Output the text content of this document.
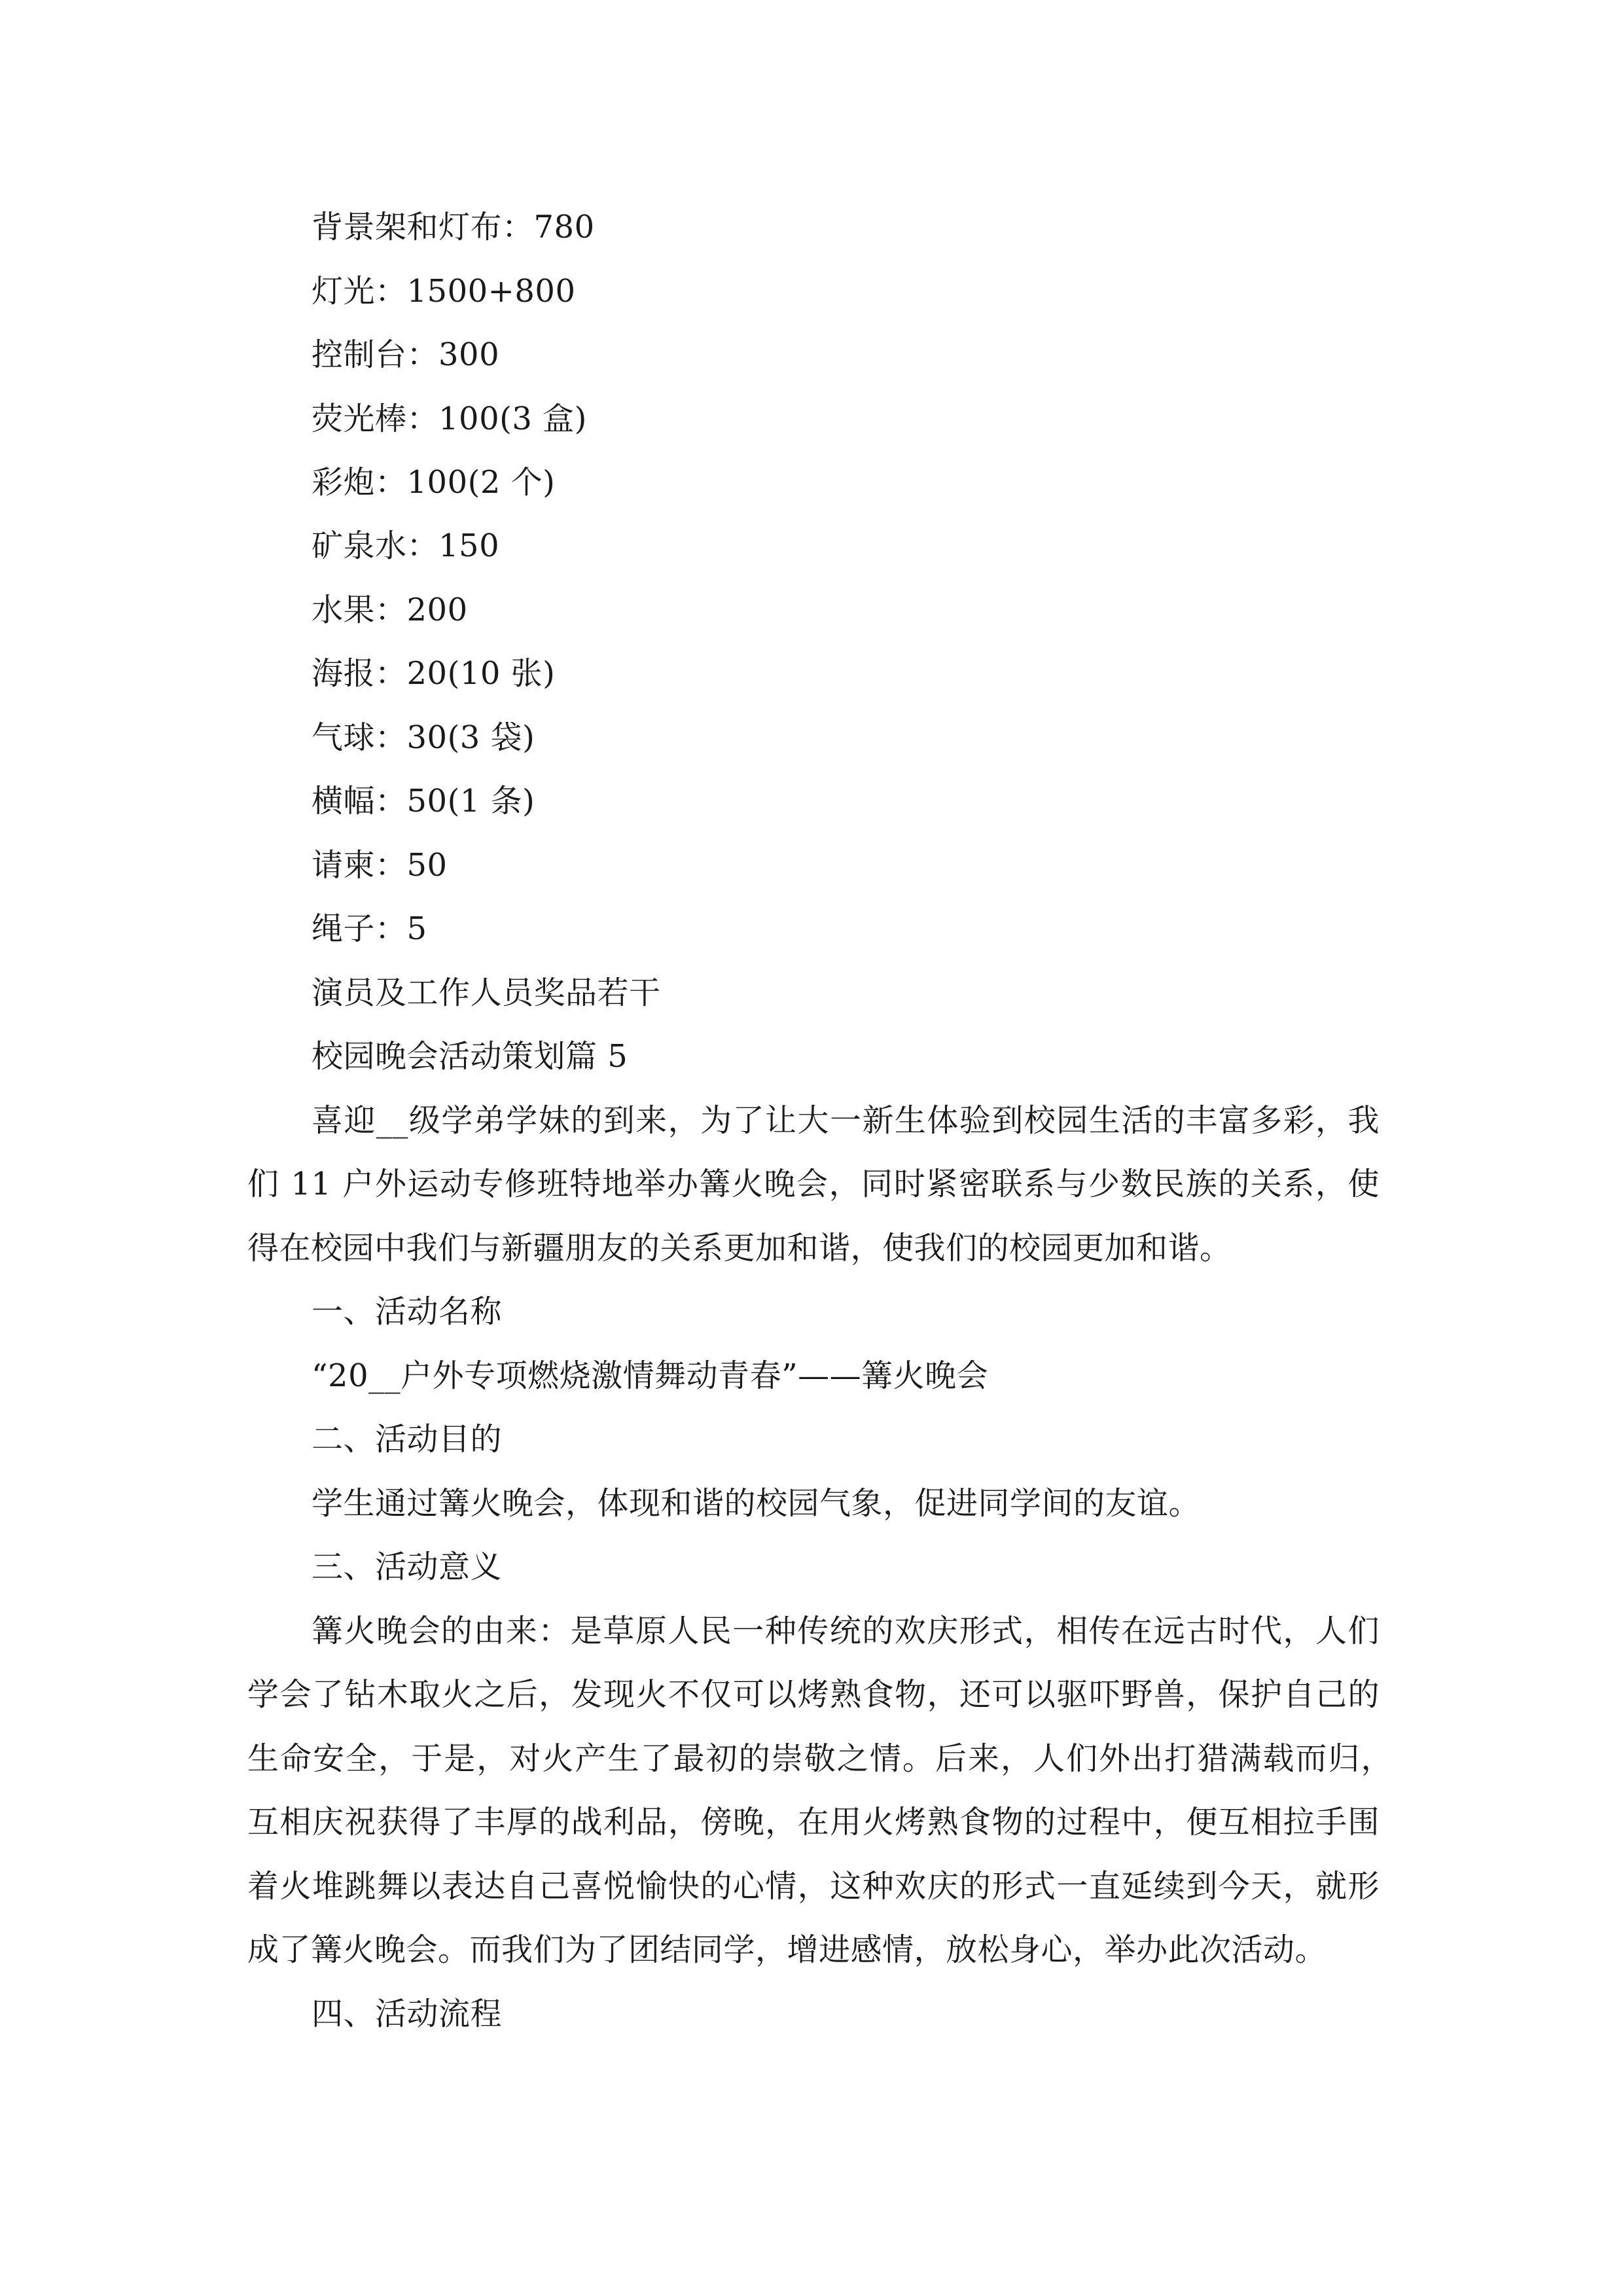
背景架和灯布：780
灯光：1500+800
控制台：300
荧光棒：100(3 盒)
彩炮：100(2 个)
矿泉水：150
水果：200
海报：20(10 张)
气球：30(3 袋)
横幅：50(1 条)
请柬：50
绳子：5
演员及工作人员奖品若干
校园晚会活动策划篇 5
喜迎__级学弟学妹的到来，为了让大一新生体验到校园生活的丰富多彩，我
们 11 户外运动专修班特地举办篝火晚会，同时紧密联系与少数民族的关系，使
得在校园中我们与新疆朋友的关系更加和谐，使我们的校园更加和谐。
一、活动名称
“20__户外专项燃烧激情舞动青春”——篝火晚会
二、活动目的
学生通过篝火晚会，体现和谐的校园气象，促进同学间的友谊。
三、活动意义
篝火晚会的由来：是草原人民一种传统的欢庆形式，相传在远古时代，人们
学会了钻木取火之后，发现火不仅可以烤熟食物，还可以驱吓野兽，保护自己的
生命安全，于是，对火产生了最初的崇敬之情。后来，人们外出打猎满载而归，
互相庆祝获得了丰厚的战利品，傍晚，在用火烤熟食物的过程中，便互相拉手围
着火堆跳舞以表达自己喜悦愉快的心情，这种欢庆的形式一直延续到今天，就形
成了篝火晚会。而我们为了团结同学，增进感情，放松身心，举办此次活动。
四、活动流程
